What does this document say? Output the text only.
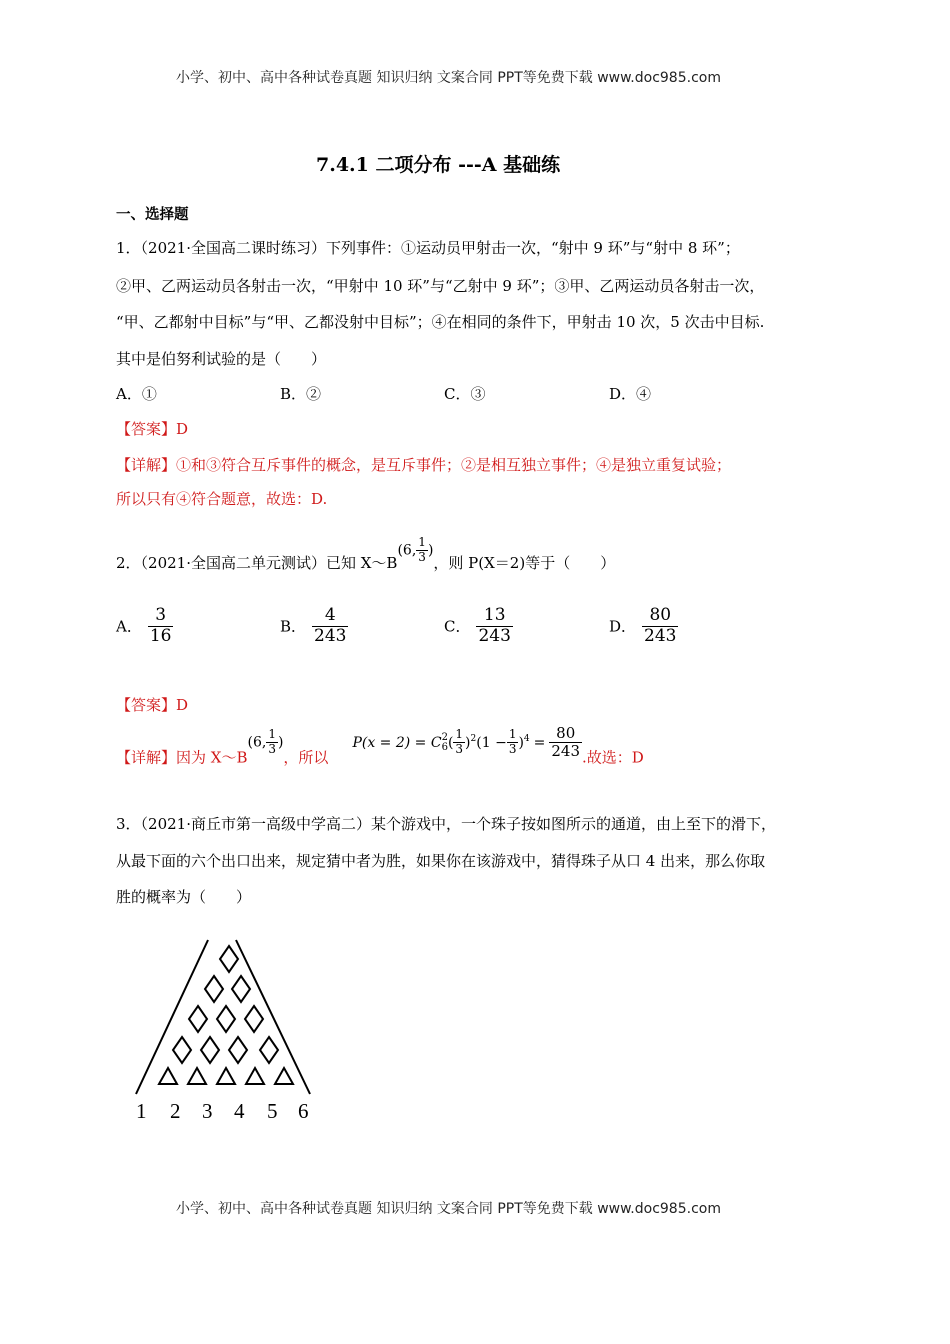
小学、初中、高中各种试卷真题 知识归纳 文案合同 PPT等免费下载 www.doc985.com
7.4.1 二项分布 ---A 基础练
一、选择题
1．（2021·全国高二课时练习）下列事件：①运动员甲射击一次，“射中 9 环”与“射中 8 环”；
②甲、乙两运动员各射击一次，“甲射中 10 环”与“乙射中 9 环”；③甲、乙两运动员各射击一次，
“甲、乙都射中目标”与“甲、乙都没射中目标”；④在相同的条件下，甲射击 10 次，5 次击中目标.
其中是伯努利试验的是（　　）
A．①	B．②	C．③	D．④
【答案】D
【详解】①和③符合互斥事件的概念，是互斥事件；②是相互独立事件；④是独立重复试验；
所以只有④符合题意，故选：D.
2．（2021·全国高二单元测试）已知 X～B(6, $\frac{1}{3}$ )，则 P(X＝2)等于（　　）
A． $\frac{3}{16}$	B． $\frac{4}{243}$	C． $\frac{13}{243}$	D． $\frac{80}{243}$
【答案】D
【详解】因为 X～B(6, $\frac{1}{3}$ )，所以P(x = 2) = C 2
6 ( $\frac{1}{3} )^2(1 - \frac{1}{3} )^4 = \frac{80}{243}$ .故选：D
3．（2021·商丘市第一高级中学高二）某个游戏中，一个珠子按如图所示的通道，由上至下的滑下，
从最下面的六个出口出来，规定猜中者为胜，如果你在该游戏中，猜得珠子从口 4 出来，那么你取
胜的概率为（　　）
1 2 3 4 5 6
小学、初中、高中各种试卷真题 知识归纳 文案合同 PPT等免费下载 www.doc985.com
